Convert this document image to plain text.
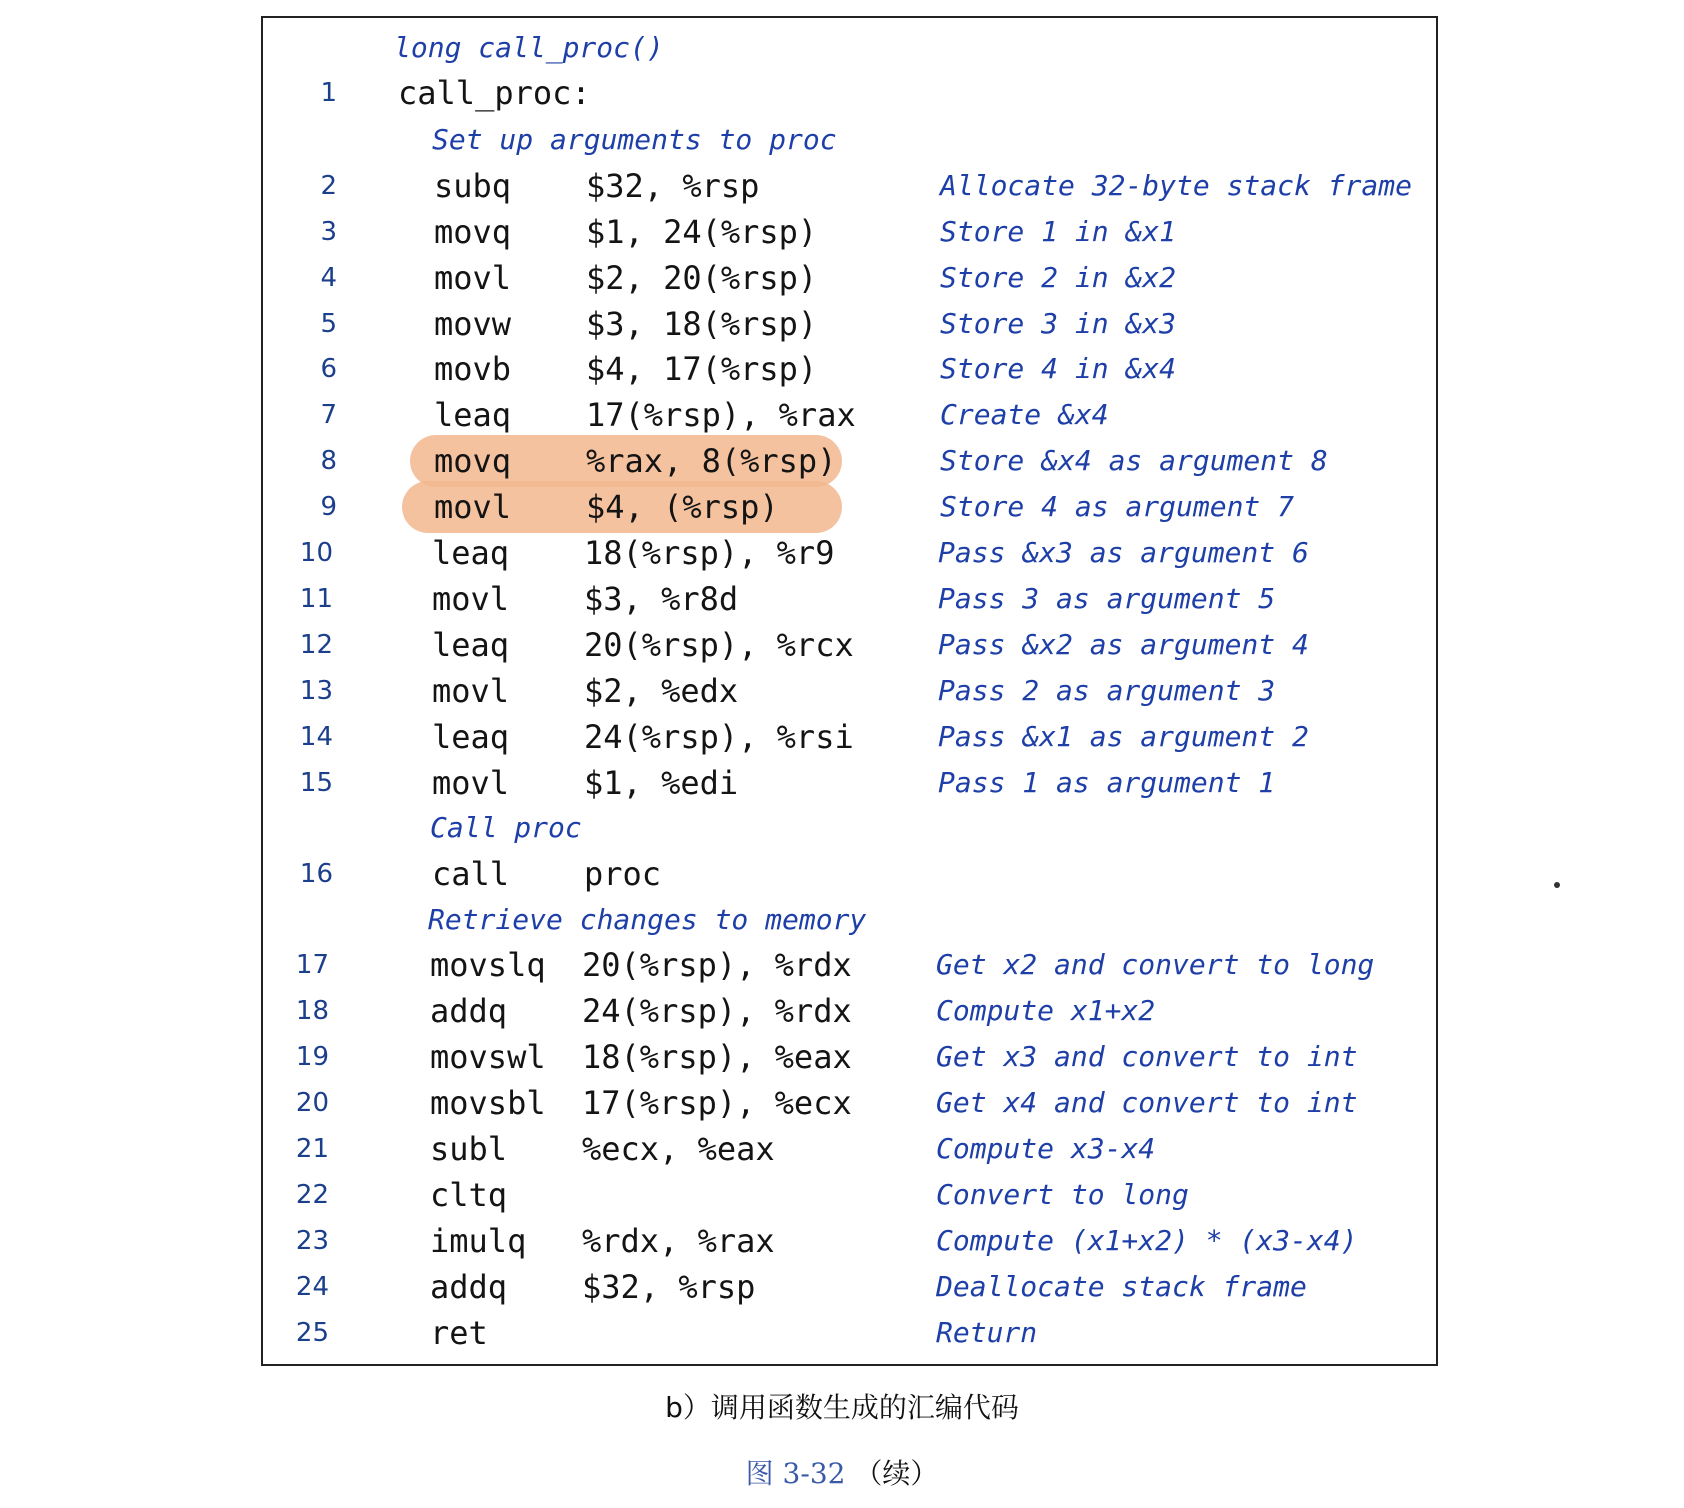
b）调用函数生成的汇编代码
图 3-32 （续）
long call_proc()
1 call_proc:
Set up arguments to proc
Call proc
Retrieve changes to memory
2	subq $32, %rsp	Allocate 32-byte stack frame
3	movq $1, 24(%rsp)	Store 1 in &x1
4	movl $2, 20(%rsp)	Store 2 in &x2
5	movw $3, 18(%rsp)	Store 3 in &x3
6	movb $4, 17(%rsp)	Store 4 in &x4
7	leaq 17(%rsp), %rax	Create &x4
8	movq %rax, 8(%rsp)	Store &x4 as argument 8
9	movl $4, (%rsp)	Store 4 as argument 7
10	leaq 18(%rsp), %r9	Pass &x3 as argument 6
11	movl $3, %r8d	Pass 3 as argument 5
12	leaq 20(%rsp), %rcx	Pass &x2 as argument 4
13	movl $2, %edx	Pass 2 as argument 3
14	leaq 24(%rsp), %rsi	Pass &x1 as argument 2
15	movl $1, %edi	Pass 1 as argument 1
16	call proc
17	movslq 20(%rsp), %rdx	Get x2 and convert to long
18	addq 24(%rsp), %rdx	Compute x1+x2
19	movswl 18(%rsp), %eax	Get x3 and convert to int
20	movsbl 17(%rsp), %ecx	Get x4 and convert to int
21	subl %ecx, %eax	Compute x3-x4
22	cltq	Convert to long
23	imulq %rdx, %rax	Compute (x1+x2) * (x3-x4)
24	addq $32, %rsp	Deallocate stack frame
25	ret	Return
